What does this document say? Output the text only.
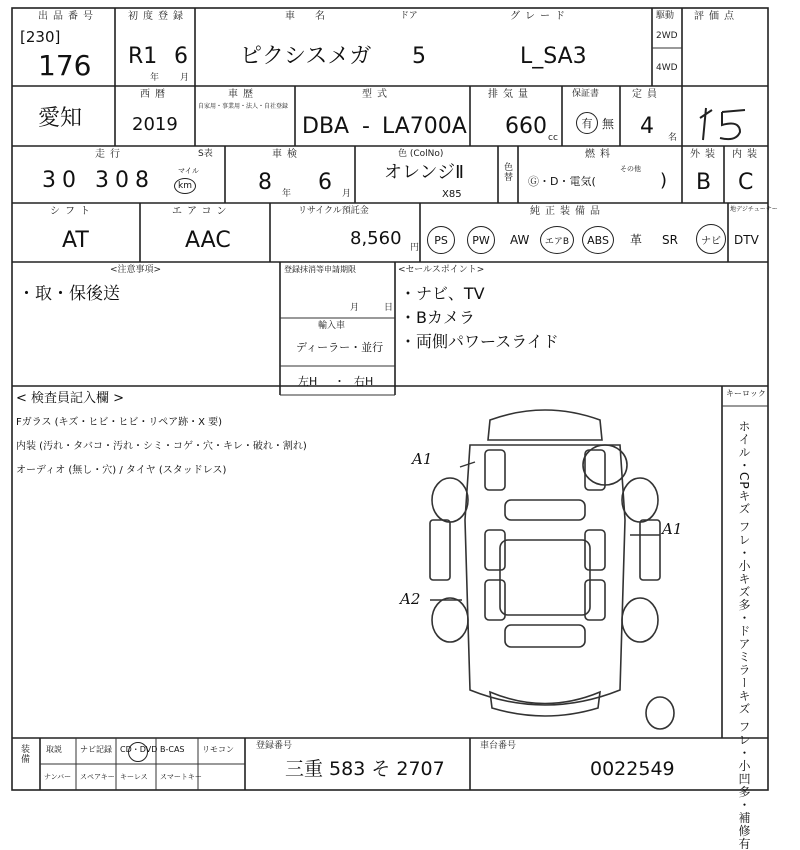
出品番号
[230]
176
初度登録
R1 6
年 月
車　名
ピクシスメガ
ドア
5
グレード
L_SA3
駆動
2WD
4WD
評価点
愛知
西暦
2019
車歴
自家用・事業用・法人・自社登録
型式
DBA - LA700A
排気量
660 cc
保証書
有 無
定員
4 名
走行
30 308	マイル
km
S表	車検
8 年 6 月
色 (ColNo)
オレンジⅡ
X85
色替
燃料
Ⓖ・D・電気(
その他
)
外装
B
内装
C
シフト
AT
エアコン
AAC
リサイクル預託金
8,560 円
純正装備品
PS	PW	AW	エアB	ABS	革 SR	ナビ
地デジチューナー
DTV
<注意事項>
・取・保後送
登録抹消等申請期限
月	日
輸入車
ディーラー・並行
左H ・ 右H
<セールスポイント>
・ナビ、TV
・Bカメラ
・両側パワースライド
< 検査員記入欄 >
Fガラス (キズ・ヒビ・ヒビ・リペア跡・X 要)
内装 (汚れ・タバコ・汚れ・シミ・コゲ・穴・キレ・破れ・割れ)
オーディオ (無し・穴) / タイヤ (スタッドレス)
キーロック
ホイル・CPキズ フレ・小キズ多・ドアミラーキズ フレ・小凹多・補修有
A1
A1
A2
装備 取説 ナビ記録 CD・DVD B-CAS リモコン
ナンバー スペアキー キーレス スマートキー
登録番号
三重 583 そ 2707
車台番号
0022549
